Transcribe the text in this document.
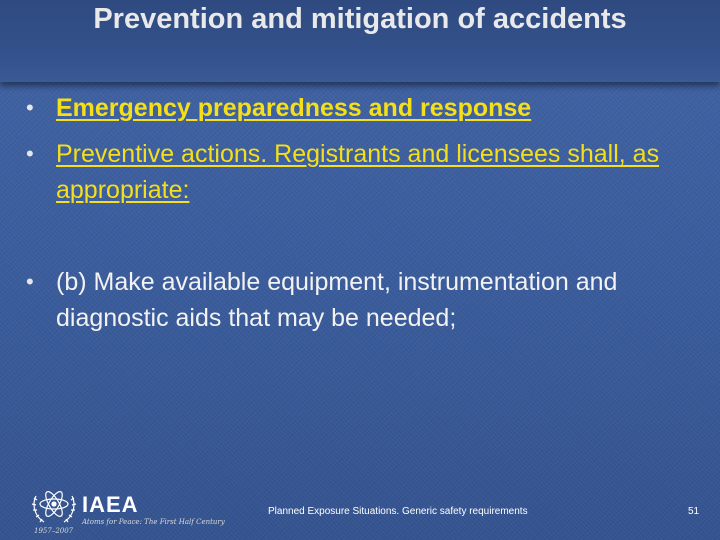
Prevention and mitigation of accidents
• Emergency preparedness and response
• Preventive actions. Registrants and licensees shall, as appropriate:
• (b) Make available equipment, instrumentation and diagnostic aids that may be needed;
IAEA
Atoms for Peace: The First Half Century
1957–2007
Planned Exposure Situations. Generic safety requirements	51
